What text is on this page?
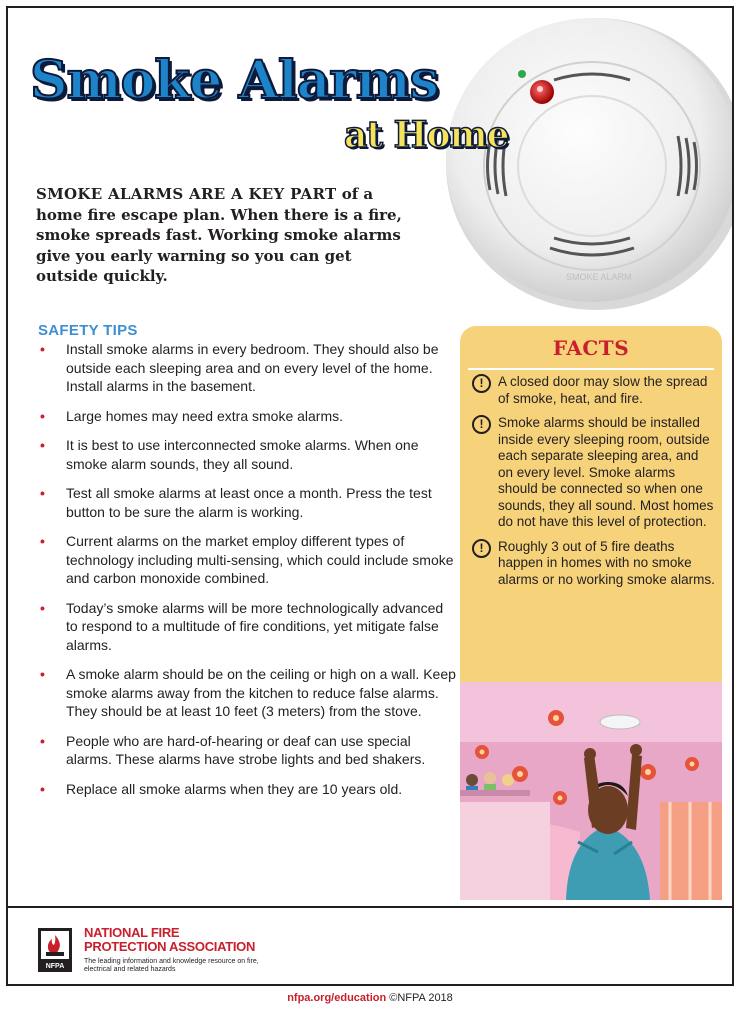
SMOKE ALARM
Smoke Alarms
at Home
SMOKE ALARMS ARE A KEY PART of a home fire escape plan. When there is a fire, smoke spreads fast. Working smoke alarms give you early warning so you can get outside quickly.
SAFETY TIPS
• Install smoke alarms in every bedroom. They should also be outside each sleeping area and on every level of the home. Install alarms in the basement.
• Large homes may need extra smoke alarms.
• It is best to use interconnected smoke alarms. When one smoke alarm sounds, they all sound.
• Test all smoke alarms at least once a month. Press the test button to be sure the alarm is working.
• Current alarms on the market employ different types of technology including multi-sensing, which could include smoke and carbon monoxide combined.
• Today’s smoke alarms will be more technologically advanced to respond to a multitude of fire conditions, yet mitigate false alarms.
• A smoke alarm should be on the ceiling or high on a wall. Keep smoke alarms away from the kitchen to reduce false alarms. They should be at least 10 feet (3 meters) from the stove.
• People who are hard-of-hearing or deaf can use special alarms. These alarms have strobe lights and bed shakers.
• Replace all smoke alarms when they are 10 years old.
FACTS
!	A closed door may slow the spread of smoke, heat, and fire.
!	Smoke alarms should be installed inside every sleeping room, outside each separate sleeping area, and on every level. Smoke alarms should be connected so when one sounds, they all sound. Most homes do not have this level of protection.
!	Roughly 3 out of 5 fire deaths happen in homes with no smoke alarms or no working smoke alarms.
NFPA
NATIONAL FIRE
PROTECTION ASSOCIATION
The leading information and knowledge resource on fire, electrical and related hazards
nfpa.org/education ©NFPA 2018
